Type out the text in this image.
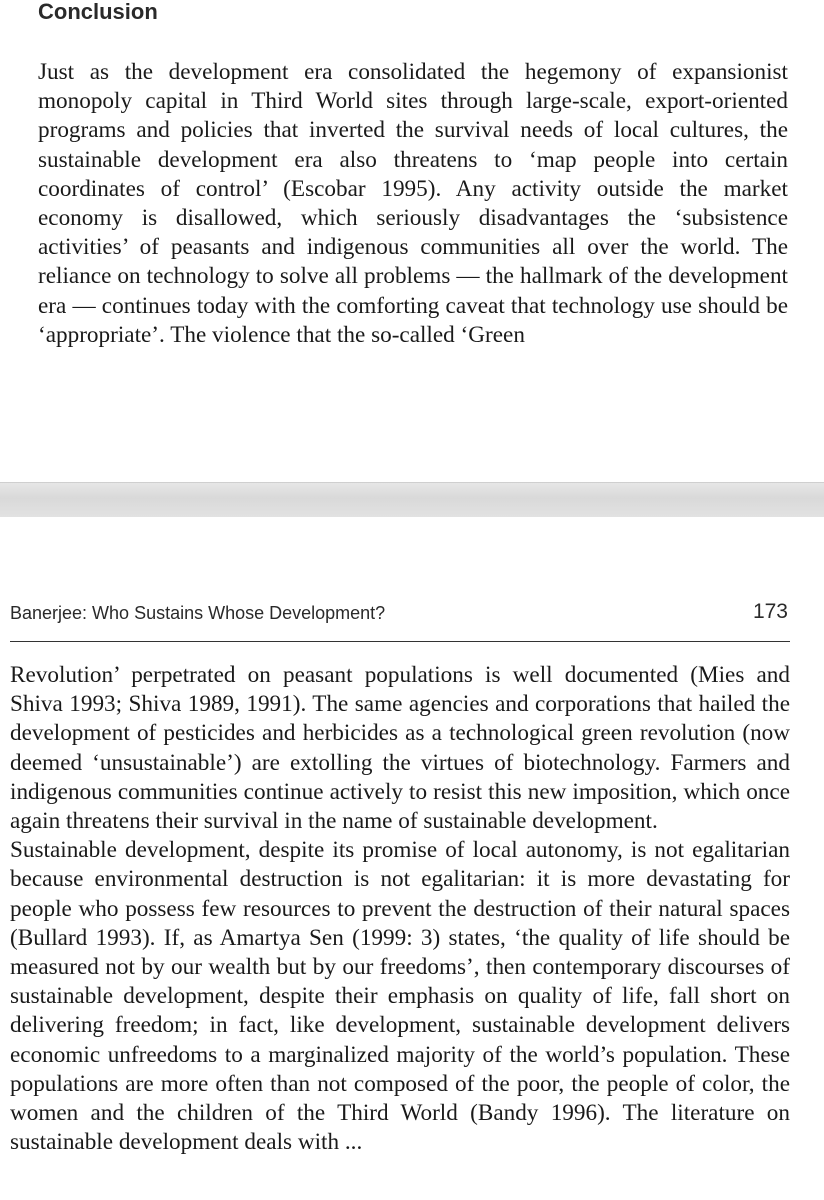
Conclusion

Just as the development era consolidated the hegemony of expansionist monopoly capital in Third World sites through large-scale, export-oriented programs and policies that inverted the survival needs of local cultures, the sustainable development era also threatens to ‘map people into certain coordinates of control’ (Escobar 1995). Any activity outside the market economy is disallowed, which seriously disadvantages the ‘subsistence activities’ of peasants and indigenous communities all over the world. The reliance on technology to solve all problems — the hallmark of the development era — continues today with the comforting caveat that technology use should be ‘appropriate’. The violence that the so-called ‘Green

Banerjee: Who Sustains Whose Development?	173

Revolution’ perpetrated on peasant populations is well documented (Mies and Shiva 1993; Shiva 1989, 1991). The same agencies and corporations that hailed the development of pesticides and herbicides as a technological green revolution (now deemed ‘unsustainable’) are extolling the virtues of biotechnology. Farmers and indigenous communities continue actively to resist this new imposition, which once again threatens their survival in the name of sustainable development.

Sustainable development, despite its promise of local autonomy, is not egalitarian because environmental destruction is not egalitarian: it is more devastating for people who possess few resources to prevent the destruction of their natural spaces (Bullard 1993). If, as Amartya Sen (1999: 3) states, ‘the quality of life should be measured not by our wealth but by our freedoms’, then contemporary discourses of sustainable development, despite their emphasis on quality of life, fall short on delivering freedom; in fact, like development, sustainable development delivers economic unfreedoms to a marginalized majority of the world’s population. These populations are more often than not composed of the poor, the people of color, the women and the children of the Third World (Bandy 1996). The literature on sustainable development deals with ...
